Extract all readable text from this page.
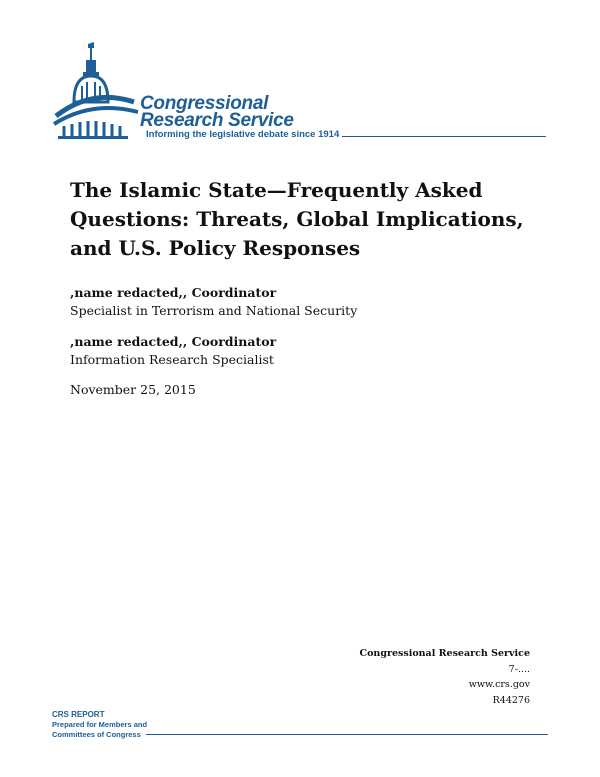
Congressional
Research Service
Informing the legislative debate since 1914
The Islamic State—Frequently Asked Questions: Threats, Global Implications, and U.S. Policy Responses
,name redacted,, Coordinator
Specialist in Terrorism and National Security
,name redacted,, Coordinator
Information Research Specialist
November 25, 2015
Congressional Research Service
7-....
www.crs.gov
R44276
CRS REPORT
Prepared for Members and
Committees of Congress
